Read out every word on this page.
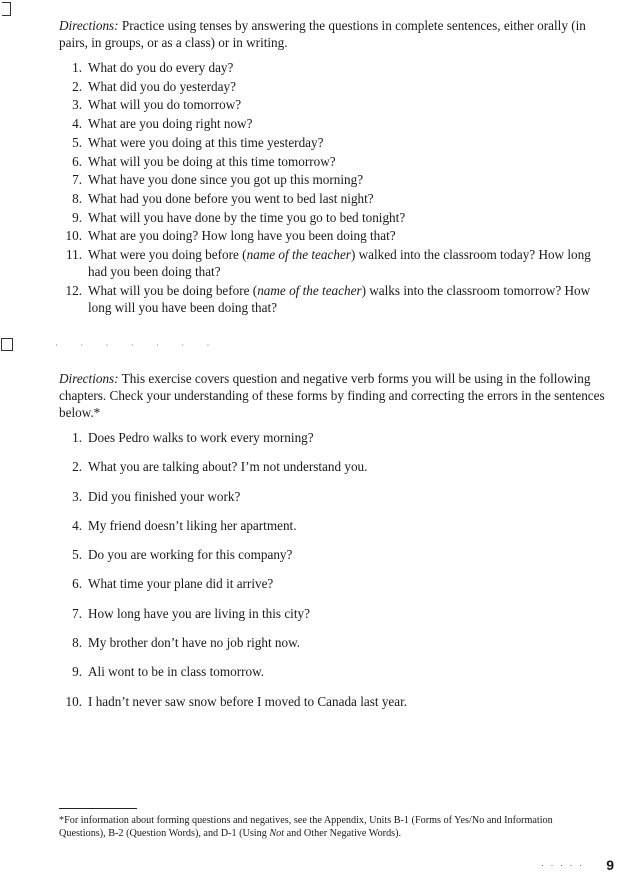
Directions: Practice using tenses by answering the questions in complete sentences, either orally (in pairs, in groups, or as a class) or in writing.
1. What do you do every day?
2. What did you do yesterday?
3. What will you do tomorrow?
4. What are you doing right now?
5. What were you doing at this time yesterday?
6. What will you be doing at this time tomorrow?
7. What have you done since you got up this morning?
8. What had you done before you went to bed last night?
9. What will you have done by the time you go to bed tonight?
10. What are you doing? How long have you been doing that?
11. What were you doing before (name of the teacher) walked into the classroom today? How long had you been doing that?
12. What will you be doing before (name of the teacher) walks into the classroom tomorrow? How long will you have been doing that?
· · · · · · ·
Directions: This exercise covers question and negative verb forms you will be using in the following chapters. Check your understanding of these forms by finding and correcting the errors in the sentences below.*
1. Does Pedro walks to work every morning?
2. What you are talking about? I’m not understand you.
3. Did you finished your work?
4. My friend doesn’t liking her apartment.
5. Do you are working for this company?
6. What time your plane did it arrive?
7. How long have you are living in this city?
8. My brother don’t have no job right now.
9. Ali wont to be in class tomorrow.
10. I hadn’t never saw snow before I moved to Canada last year.
*For information about forming questions and negatives, see the Appendix, Units B-1 (Forms of Yes/No and Information Questions), B-2 (Question Words), and D-1 (Using Not and Other Negative Words).
· · · · · 9
